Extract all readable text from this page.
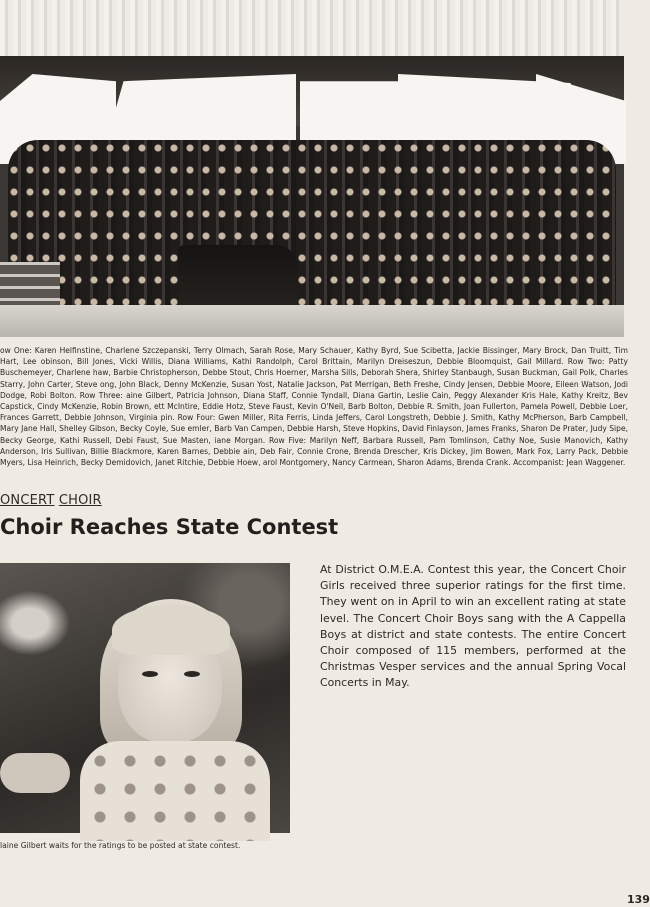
ow One: Karen Helfinstine, Charlene Szczepanski, Terry Olmach, Sarah Rose, Mary Schauer, Kathy Byrd, Sue Scibetta, Jackie Bissinger, Mary Brock, Dan Truitt, Tim Hart, Lee obinson, Bill Jones, Vicki Willis, Diana Williams, Kathi Randolph, Carol Brittain, Marilyn Dreiseszun, Debbie Bloomquist, Gail Millard. Row Two: Patty Buschemeyer, Charlene haw, Barbie Christopherson, Debbe Stout, Chris Hoerner, Marsha Sills, Deborah Shera, Shirley Stanbaugh, Susan Buckman, Gail Polk, Charles Starry, John Carter, Steve ong, John Black, Denny McKenzie, Susan Yost, Natalie Jackson, Pat Merrigan, Beth Freshe, Cindy Jensen, Debbie Moore, Eileen Watson, Jodi Dodge, Robi Bolton. Row Three: aine Gilbert, Patricia Johnson, Diana Staff, Connie Tyndall, Diana Gartin, Leslie Cain, Peggy Alexander Kris Hale, Kathy Kreitz, Bev Capstick, Cindy McKenzie, Robin Brown, ett McIntire, Eddie Hotz, Steve Faust, Kevin O'Neil, Barb Bolton, Debbie R. Smith, Joan Fullerton, Pamela Powell, Debbie Loer, Frances Garrett, Debbie Johnson, Virginia pin. Row Four: Gwen Miller, Rita Ferris, Linda Jeffers, Carol Longstreth, Debbie J. Smith, Kathy McPherson, Barb Campbell, Mary Jane Hall, Shelley Gibson, Becky Coyle, Sue emler, Barb Van Campen, Debbie Harsh, Steve Hopkins, David Finlayson, James Franks, Sharon De Prater, Judy Sipe, Becky George, Kathi Russell, Debi Faust, Sue Masten, iane Morgan. Row Five: Marilyn Neff, Barbara Russell, Pam Tomlinson, Cathy Noe, Susie Manovich, Kathy Anderson, Iris Sullivan, Billie Blackmore, Karen Barnes, Debbie ain, Deb Fair, Connie Crone, Brenda Drescher, Kris Dickey, Jim Bowen, Mark Fox, Larry Pack, Debbie Myers, Lisa Heinrich, Becky Demidovich, Janet Ritchie, Debbie Hoew, arol Montgomery, Nancy Carmean, Sharon Adams, Brenda Crank. Accompanist: Jean Waggener.

ONCERT CHOIR
Choir Reaches State Contest

laine Gilbert waits for the ratings to be posted at state contest.

At District O.M.E.A. Contest this year, the Concert Choir Girls received three superior ratings for the first time. They went on in April to win an excellent rating at state level. The Concert Choir Boys sang with the A Cappella Boys at district and state contests. The entire Concert Choir composed of 115 members, performed at the Christmas Vesper services and the annual Spring Vocal Concerts in May.

139
